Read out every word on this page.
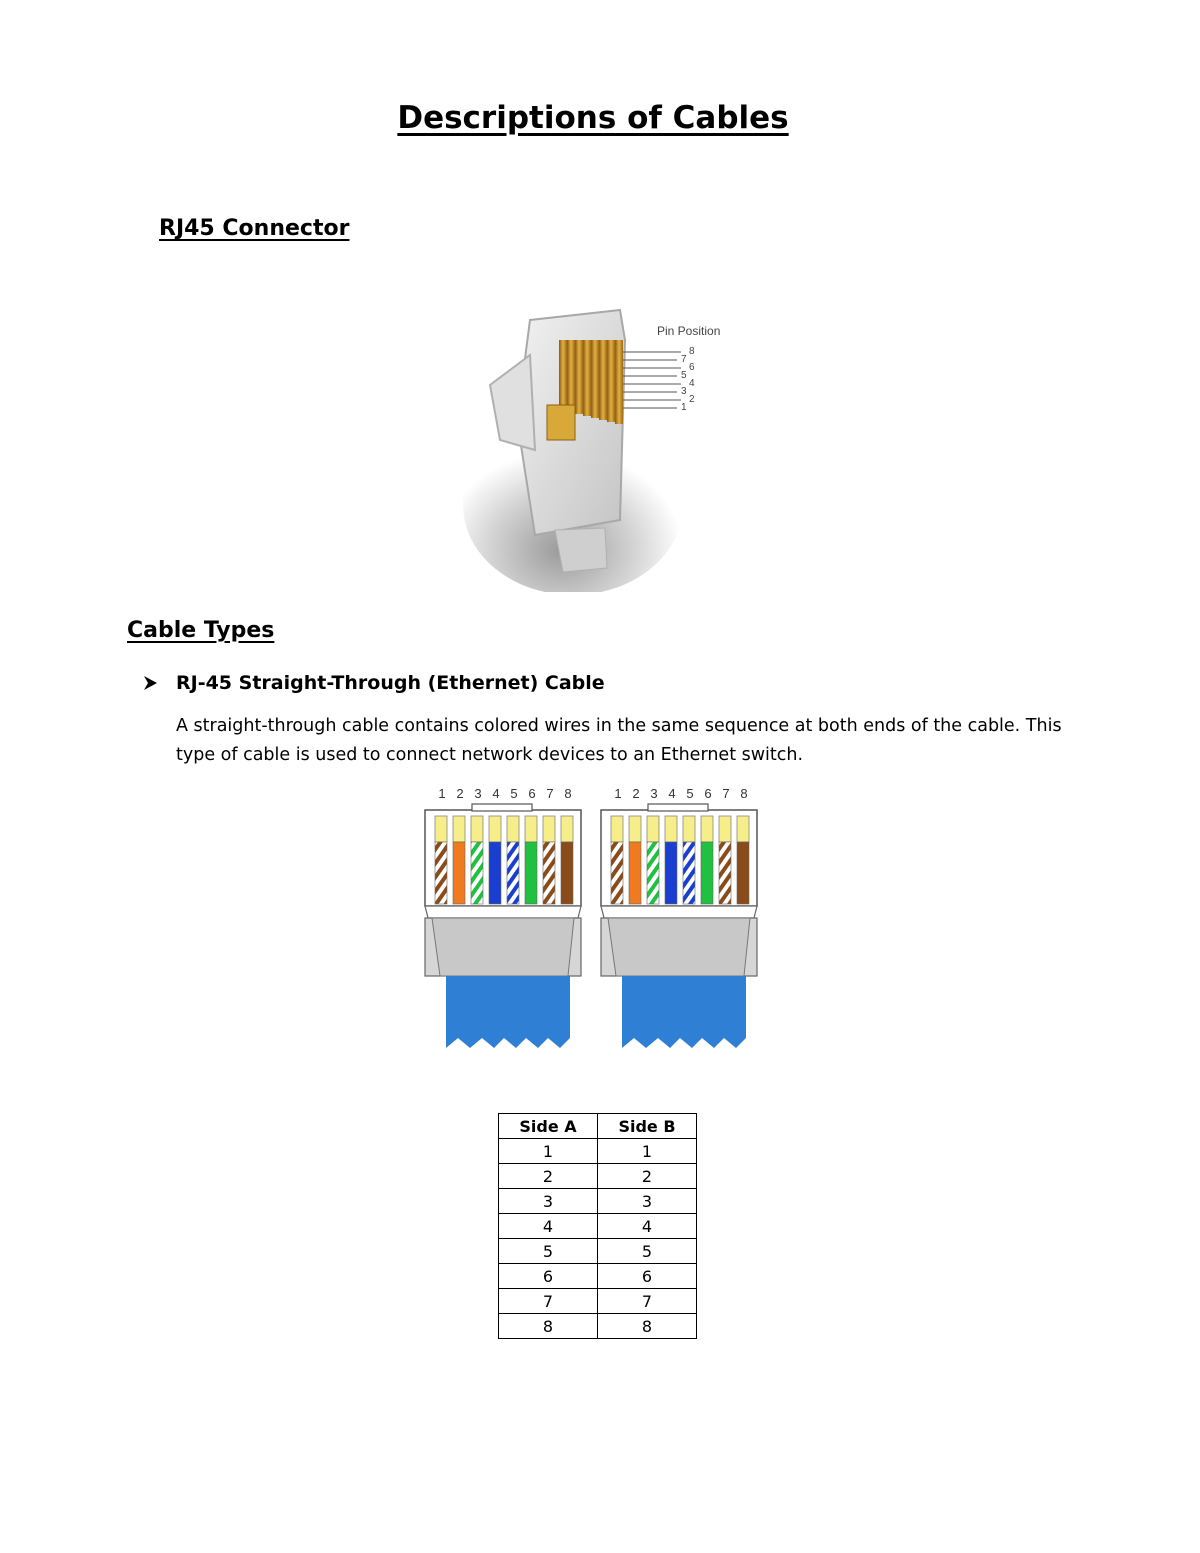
Descriptions of Cables
RJ45 Connector
Pin Position
8
7
6
5
4
3
2
1
Cable Types
RJ-45 Straight-Through (Ethernet) Cable
A straight-through cable contains colored wires in the same sequence at both ends of the cable. This
type of cable is used to connect network devices to an Ethernet switch.
1 2 3 4 5 6 7 8	1 2 3 4 5 6 7 8
Side A	Side B
1	1
2	2
3	3
4	4
5	5
6	6
7	7
8	8
